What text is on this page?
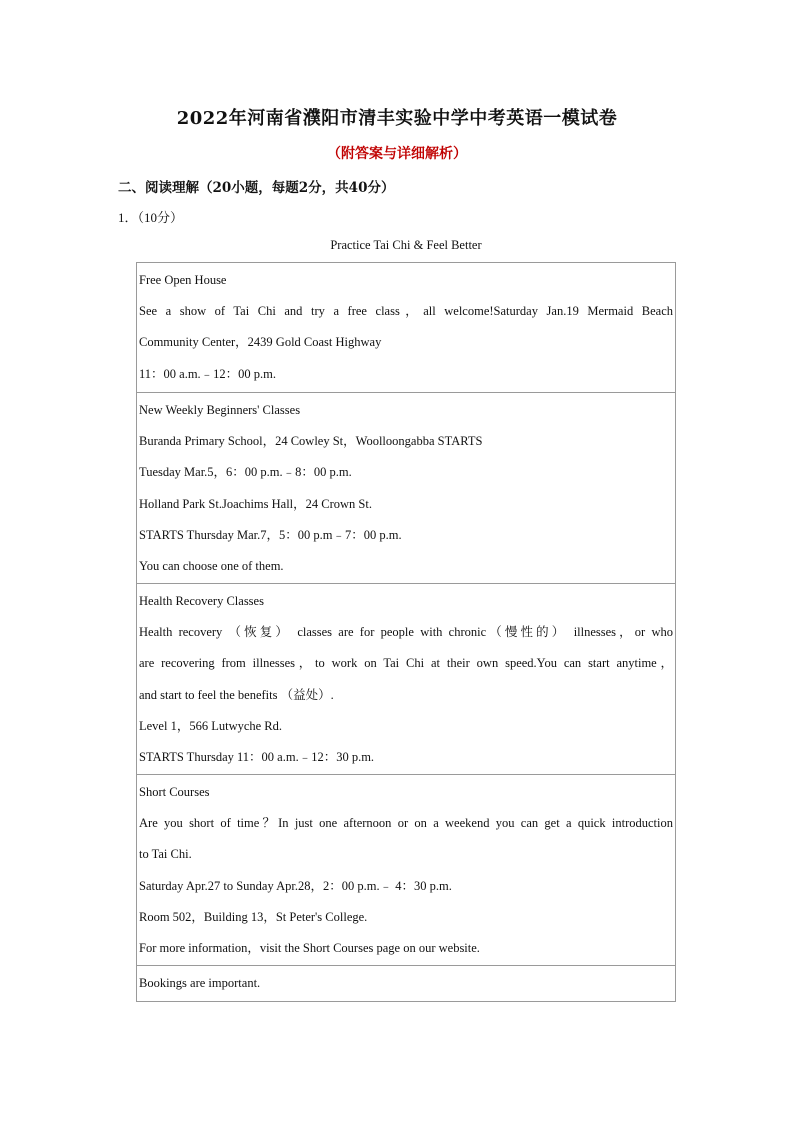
2022年河南省濮阳市清丰实验中学中考英语一模试卷
（附答案与详细解析）
二、阅读理解（20小题，每题2分，共40分）
1．（10分）
Practice Tai Chi & Feel Better
Free Open House
See a show of Tai Chi and try a free class，all welcome!Saturday Jan.19 Mermaid Beach
Community Center，2439 Gold Coast Highway
11：00 a.m.﹣12：00 p.m.
New Weekly Beginners' Classes
Buranda Primary School，24 Cowley St，Woolloongabba STARTS
Tuesday Mar.5，6：00 p.m.﹣8：00 p.m.
Holland Park St.Joachims Hall，24 Crown St.
STARTS Thursday Mar.7，5：00 p.m﹣7：00 p.m.
You can choose one of them.
Health Recovery Classes
Health recovery （恢复） classes are for people with chronic（慢性的） illnesses，or who
are recovering from illnesses，to work on Tai Chi at their own speed.You can start anytime，
and start to feel the benefits （益处）.
Level 1，566 Lutwyche Rd.
STARTS Thursday 11：00 a.m.﹣12：30 p.m.
Short Courses
Are you short of time？In just one afternoon or on a weekend you can get a quick introduction
to Tai Chi.
Saturday Apr.27 to Sunday Apr.28，2：00 p.m.﹣ 4：30 p.m.
Room 502，Building 13，St Peter's College.
For more information，visit the Short Courses page on our website.
Bookings are important.
